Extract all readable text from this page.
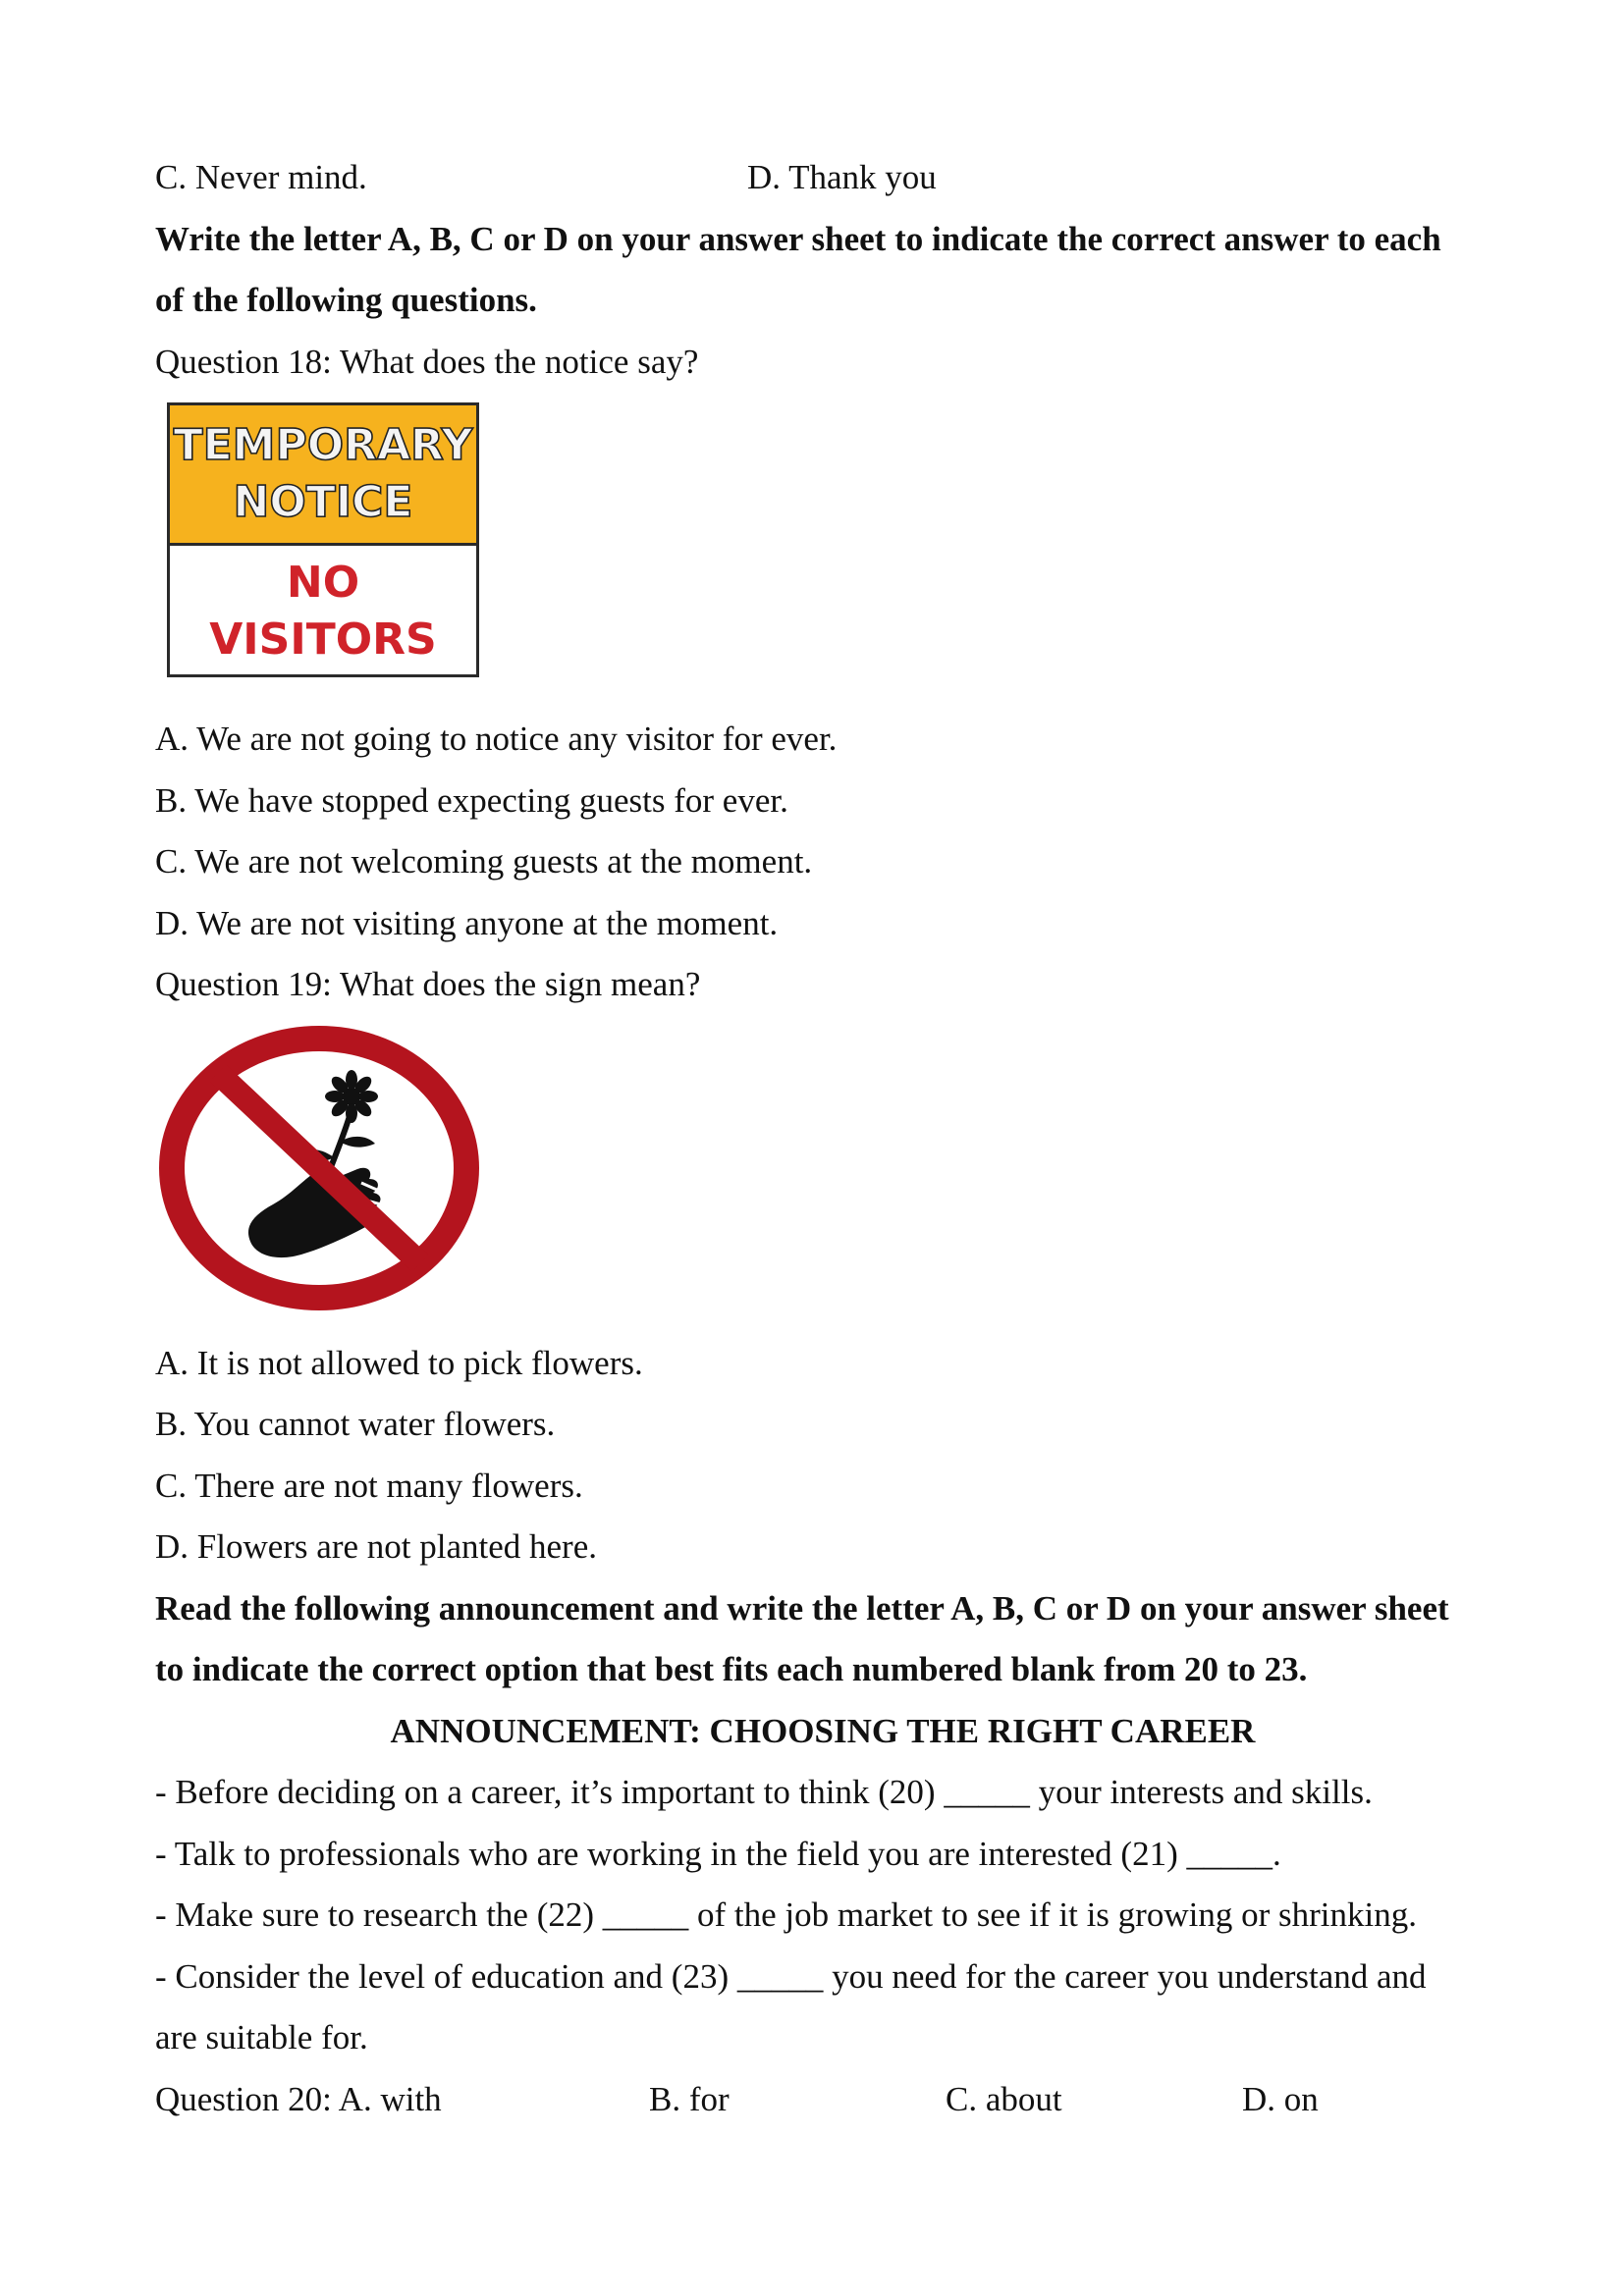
C. Never mind.	D. Thank you
Write the letter A, B, C or D on your answer sheet to indicate the correct answer to each
of the following questions.
Question 18: What does the notice say?
TEMPORARY
NOTICE
NO
VISITORS
A. We are not going to notice any visitor for ever.
B. We have stopped expecting guests for ever.
C. We are not welcoming guests at the moment.
D. We are not visiting anyone at the moment.
Question 19: What does the sign mean?
A. It is not allowed to pick flowers.
B. You cannot water flowers.
C. There are not many flowers.
D. Flowers are not planted here.
Read the following announcement and write the letter A, B, C or D on your answer sheet
to indicate the correct option that best fits each numbered blank from 20 to 23.
ANNOUNCEMENT: CHOOSING THE RIGHT CAREER
- Before deciding on a career, it’s important to think (20) _____ your interests and skills.
- Talk to professionals who are working in the field you are interested (21) _____.
- Make sure to research the (22) _____ of the job market to see if it is growing or shrinking.
- Consider the level of education and (23) _____ you need for the career you understand and
are suitable for.
Question 20: A. with	B. for	C. about	D. on
